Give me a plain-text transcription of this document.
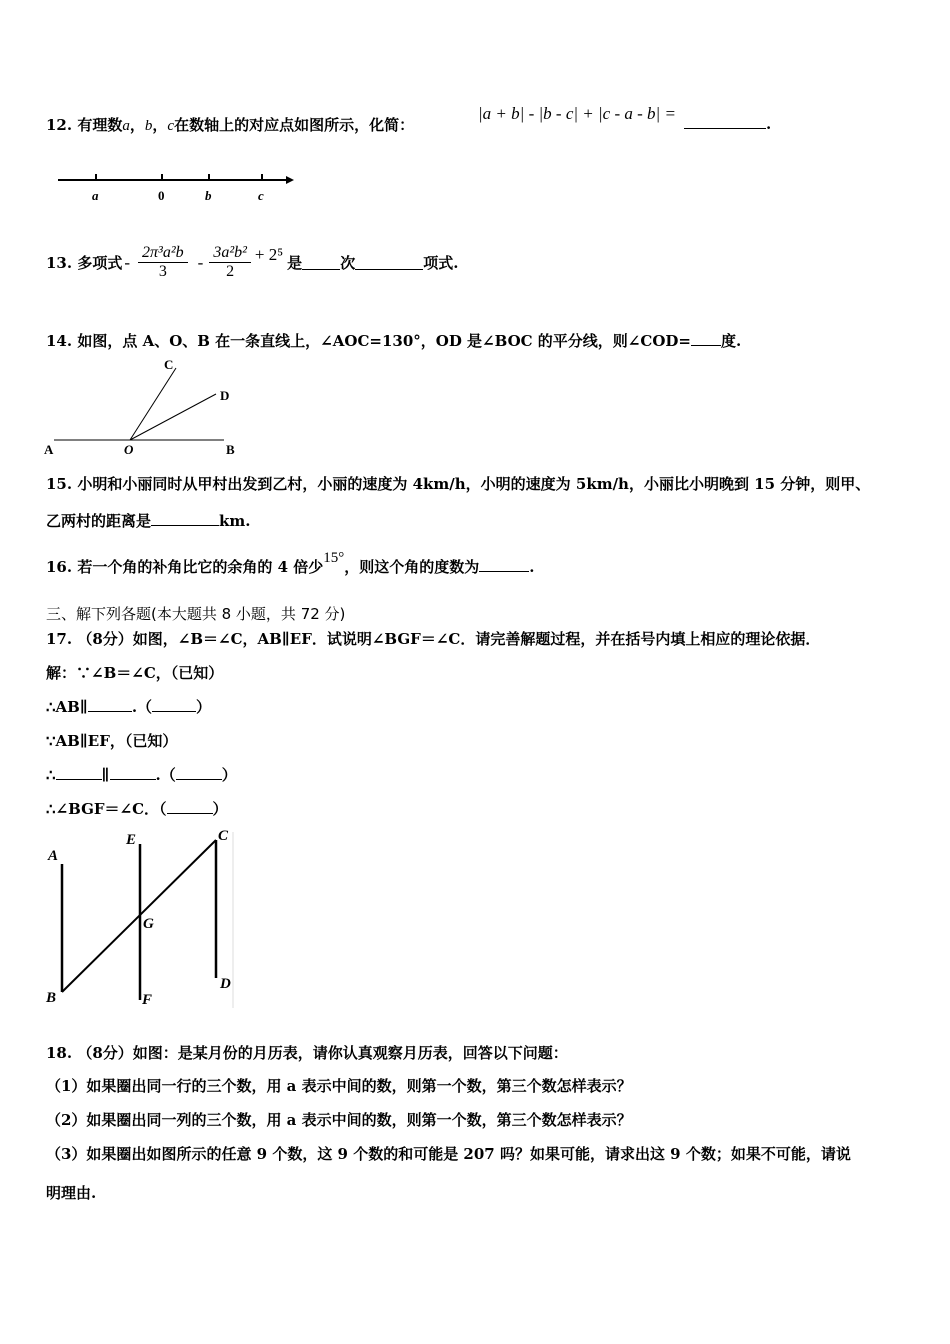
12. 有理数a，b，c在数轴上的对应点如图所示，化简：
|a + b| - |b - c| + |c - a - b| =
.
a	0	b	c
13.
多项式 - $\frac{\text{2π³a²b}}{3} - \frac{\text{3a²b²}}{2} + 2^5$ 是	次	项式.
14. 如图，点 A、O、B 在一条直线上，∠AOC=130°，OD 是∠BOC 的平分线，则∠COD= 度.
A	O	B
C
D
15. 小明和小丽同时从甲村出发到乙村，小丽的速度为 4km/h，小明的速度为 5km/h，小丽比小明晚到 15 分钟，则甲、
乙两村的距离是	km.
16. 若一个角的补角比它的余角的 4 倍少15°，则这个角的度数为	.
三、解下列各题(本大题共 8 小题，共 72 分)
17. （8分）如图，∠B＝∠C，AB∥EF．试说明∠BGF＝∠C．请完善解题过程，并在括号内填上相应的理论依据．
解：∵∠B＝∠C，（已知）
∴AB∥	.（	）
∵AB∥EF，（已知）
∴	∥	.（	）
∴∠BGF＝∠C．（	）
A
B
C
D
E
F
G
18. （8分）如图：是某月份的月历表，请你认真观察月历表，回答以下问题：
（1）如果圈出同一行的三个数，用 a 表示中间的数，则第一个数，第三个数怎样表示？
（2）如果圈出同一列的三个数，用 a 表示中间的数，则第一个数，第三个数怎样表示？
（3）如果圈出如图所示的任意 9 个数，这 9 个数的和可能是 207 吗？如果可能，请求出这 9 个数；如果不可能，请说
明理由.
